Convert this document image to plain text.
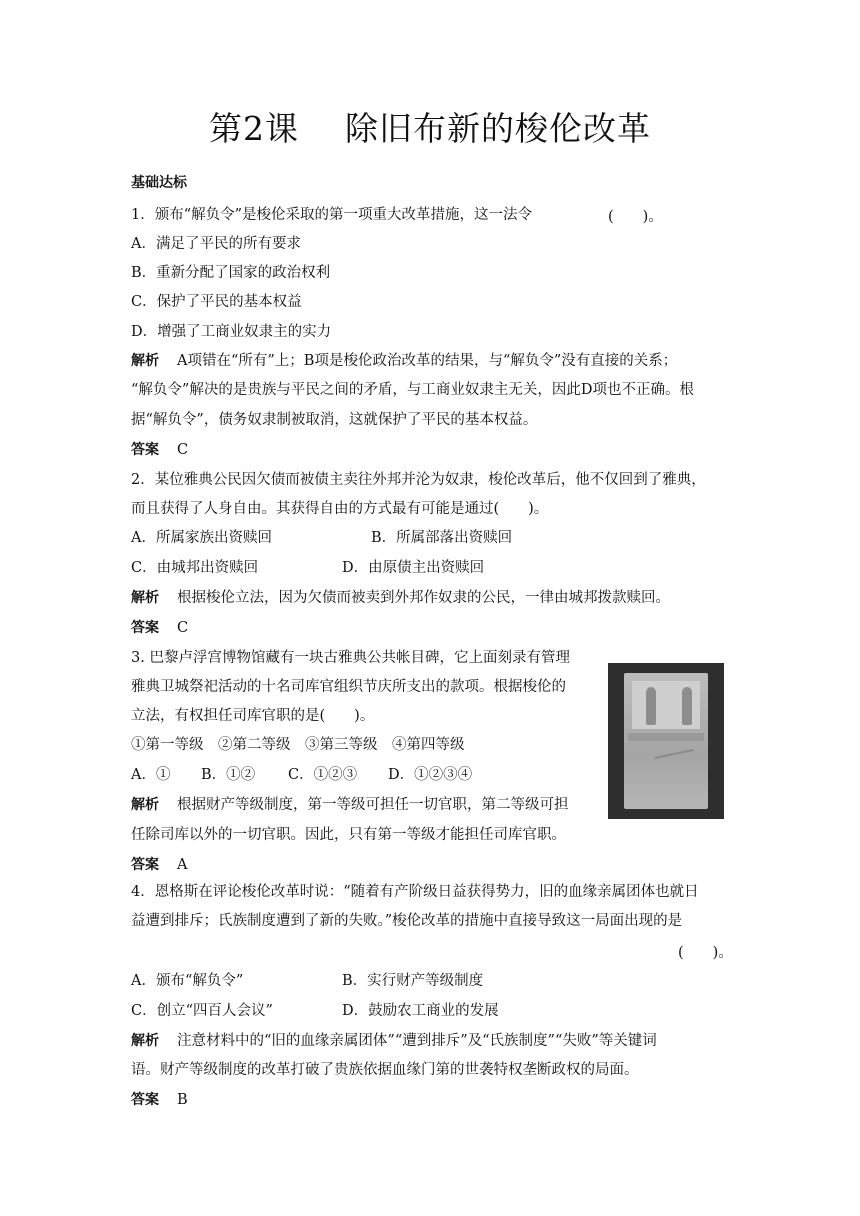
第2课 除旧布新的梭伦改革
基础达标
1．颁布“解负令”是梭伦采取的第一项重大改革措施，这一法令	(　　)。
A．满足了平民的所有要求
B．重新分配了国家的政治权利
C．保护了平民的基本权益
D．增强了工商业奴隶主的实力
解析 A项错在“所有”上；B项是梭伦政治改革的结果，与“解负令”没有直接的关系；
“解负令”解决的是贵族与平民之间的矛盾，与工商业奴隶主无关，因此D项也不正确。根
据“解负令”，债务奴隶制被取消，这就保护了平民的基本权益。
答案 C
2．某位雅典公民因欠债而被债主卖往外邦并沦为奴隶，梭伦改革后，他不仅回到了雅典，
而且获得了人身自由。其获得自由的方式最有可能是通过(　　)。
A．所属家族出资赎回	B．所属部落出资赎回
C．由城邦出资赎回	D．由原债主出资赎回
解析 根据梭伦立法，因为欠债而被卖到外邦作奴隶的公民，一律由城邦拨款赎回。
答案 C
3. 巴黎卢浮宫博物馆藏有一块古雅典公共帐目碑，它上面刻录有管理
雅典卫城祭祀活动的十名司库官组织节庆所支出的款项。根据梭伦的
立法，有权担任司库官职的是(　　)。
①第一等级　②第二等级　③第三等级　④第四等级
A．① B．①② C．①②③ D．①②③④
解析 根据财产等级制度，第一等级可担任一切官职，第二等级可担
任除司库以外的一切官职。因此，只有第一等级才能担任司库官职。
答案 A
4．恩格斯在评论梭伦改革时说：“随着有产阶级日益获得势力，旧的血缘亲属团体也就日
益遭到排斥；氏族制度遭到了新的失败。”梭伦改革的措施中直接导致这一局面出现的是
(　　)。
A．颁布“解负令”	B．实行财产等级制度
C．创立“四百人会议”	D．鼓励农工商业的发展
解析 注意材料中的“旧的血缘亲属团体”“遭到排斥”及“氏族制度”“失败”等关键词
语。财产等级制度的改革打破了贵族依据血缘门第的世袭特权垄断政权的局面。
答案 B
